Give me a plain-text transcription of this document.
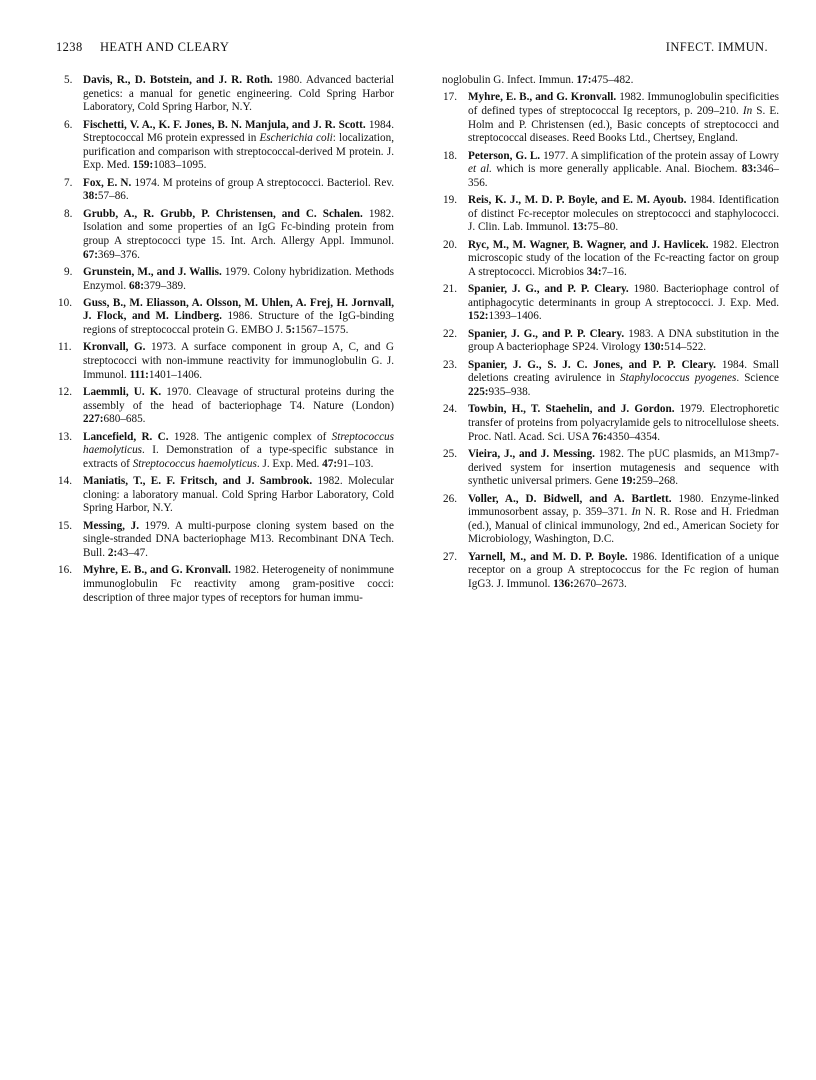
1238 HEATH AND CLEARY	INFECT. IMMUN.
5. Davis, R., D. Botstein, and J. R. Roth. 1980. Advanced bacterial genetics: a manual for genetic engineering. Cold Spring Harbor Laboratory, Cold Spring Harbor, N.Y.
6. Fischetti, V. A., K. F. Jones, B. N. Manjula, and J. R. Scott. 1984. Streptococcal M6 protein expressed in Escherichia coli: localization, purification and comparison with streptococcal-derived M protein. J. Exp. Med. 159:1083–1095.
7. Fox, E. N. 1974. M proteins of group A streptococci. Bacteriol. Rev. 38:57–86.
8. Grubb, A., R. Grubb, P. Christensen, and C. Schalen. 1982. Isolation and some properties of an IgG Fc-binding protein from group A streptococci type 15. Int. Arch. Allergy Appl. Immunol. 67:369–376.
9. Grunstein, M., and J. Wallis. 1979. Colony hybridization. Methods Enzymol. 68:379–389.
10. Guss, B., M. Eliasson, A. Olsson, M. Uhlen, A. Frej, H. Jornvall, J. Flock, and M. Lindberg. 1986. Structure of the IgG-binding regions of streptococcal protein G. EMBO J. 5:1567–1575.
11. Kronvall, G. 1973. A surface component in group A, C, and G streptococci with non-immune reactivity for immunoglobulin G. J. Immunol. 111:1401–1406.
12. Laemmli, U. K. 1970. Cleavage of structural proteins during the assembly of the head of bacteriophage T4. Nature (London) 227:680–685.
13. Lancefield, R. C. 1928. The antigenic complex of Streptococcus haemolyticus. I. Demonstration of a type-specific substance in extracts of Streptococcus haemolyticus. J. Exp. Med. 47:91–103.
14. Maniatis, T., E. F. Fritsch, and J. Sambrook. 1982. Molecular cloning: a laboratory manual. Cold Spring Harbor Laboratory, Cold Spring Harbor, N.Y.
15. Messing, J. 1979. A multi-purpose cloning system based on the single-stranded DNA bacteriophage M13. Recombinant DNA Tech. Bull. 2:43–47.
16. Myhre, E. B., and G. Kronvall. 1982. Heterogeneity of nonimmune immunoglobulin Fc reactivity among gram-positive cocci: description of three major types of receptors for human immu-
noglobulin G. Infect. Immun. 17:475–482.
17. Myhre, E. B., and G. Kronvall. 1982. Immunoglobulin specificities of defined types of streptococcal Ig receptors, p. 209–210. In S. E. Holm and P. Christensen (ed.), Basic concepts of streptococci and streptococcal diseases. Reed Books Ltd., Chertsey, England.
18. Peterson, G. L. 1977. A simplification of the protein assay of Lowry et al. which is more generally applicable. Anal. Biochem. 83:346–356.
19. Reis, K. J., M. D. P. Boyle, and E. M. Ayoub. 1984. Identification of distinct Fc-receptor molecules on streptococci and staphylococci. J. Clin. Lab. Immunol. 13:75–80.
20. Ryc, M., M. Wagner, B. Wagner, and J. Havlicek. 1982. Electron microscopic study of the location of the Fc-reacting factor on group A streptococci. Microbios 34:7–16.
21. Spanier, J. G., and P. P. Cleary. 1980. Bacteriophage control of antiphagocytic determinants in group A streptococci. J. Exp. Med. 152:1393–1406.
22. Spanier, J. G., and P. P. Cleary. 1983. A DNA substitution in the group A bacteriophage SP24. Virology 130:514–522.
23. Spanier, J. G., S. J. C. Jones, and P. P. Cleary. 1984. Small deletions creating avirulence in Staphylococcus pyogenes. Science 225:935–938.
24. Towbin, H., T. Staehelin, and J. Gordon. 1979. Electrophoretic transfer of proteins from polyacrylamide gels to nitrocellulose sheets. Proc. Natl. Acad. Sci. USA 76:4350–4354.
25. Vieira, J., and J. Messing. 1982. The pUC plasmids, an M13mp7-derived system for insertion mutagenesis and sequence with synthetic universal primers. Gene 19:259–268.
26. Voller, A., D. Bidwell, and A. Bartlett. 1980. Enzyme-linked immunosorbent assay, p. 359–371. In N. R. Rose and H. Friedman (ed.), Manual of clinical immunology, 2nd ed., American Society for Microbiology, Washington, D.C.
27. Yarnell, M., and M. D. P. Boyle. 1986. Identification of a unique receptor on a group A streptococcus for the Fc region of human IgG3. J. Immunol. 136:2670–2673.
